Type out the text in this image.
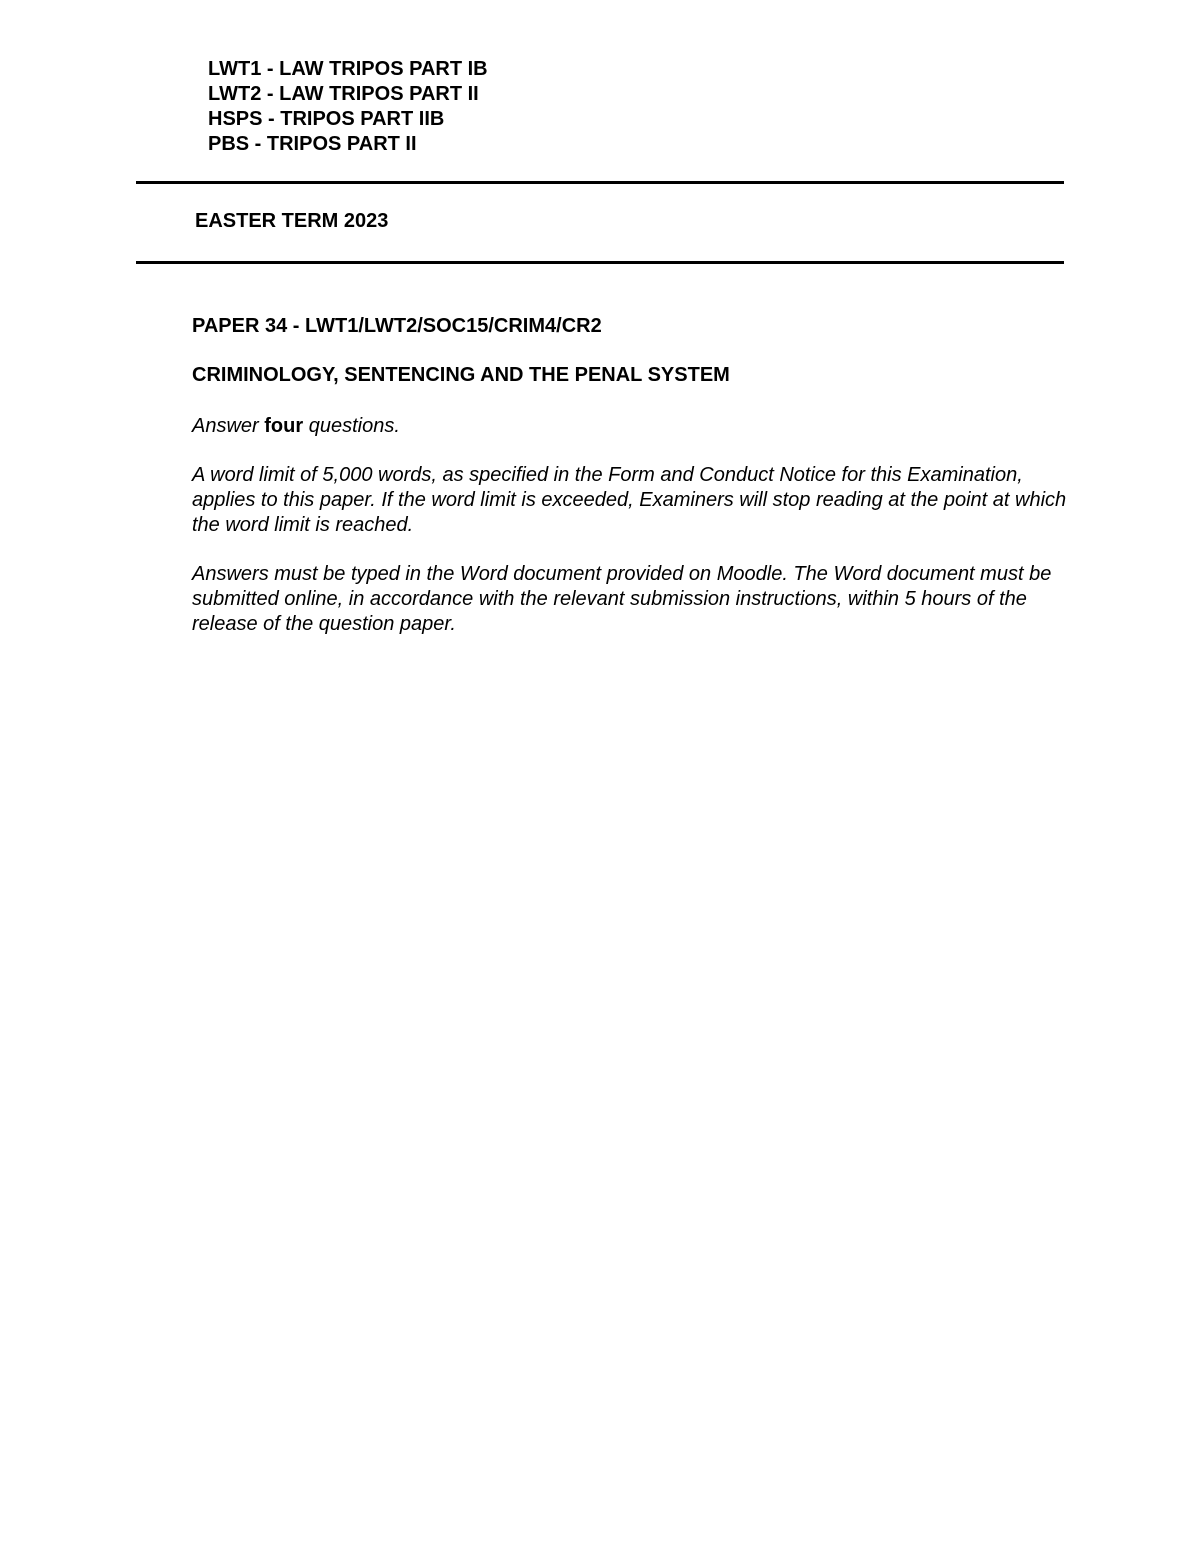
LWT1 - LAW TRIPOS PART IB
LWT2 - LAW TRIPOS PART II
HSPS - TRIPOS PART IIB
PBS - TRIPOS PART II
EASTER TERM 2023
PAPER 34 - LWT1/LWT2/SOC15/CRIM4/CR2
CRIMINOLOGY, SENTENCING AND THE PENAL SYSTEM

Answer four questions.

A word limit of 5,000 words, as specified in the Form and Conduct Notice for this Examination, applies to this paper. If the word limit is exceeded, Examiners will stop reading at the point at which the word limit is reached.

Answers must be typed in the Word document provided on Moodle. The Word document must be submitted online, in accordance with the relevant submission instructions, within 5 hours of the release of the question paper.
